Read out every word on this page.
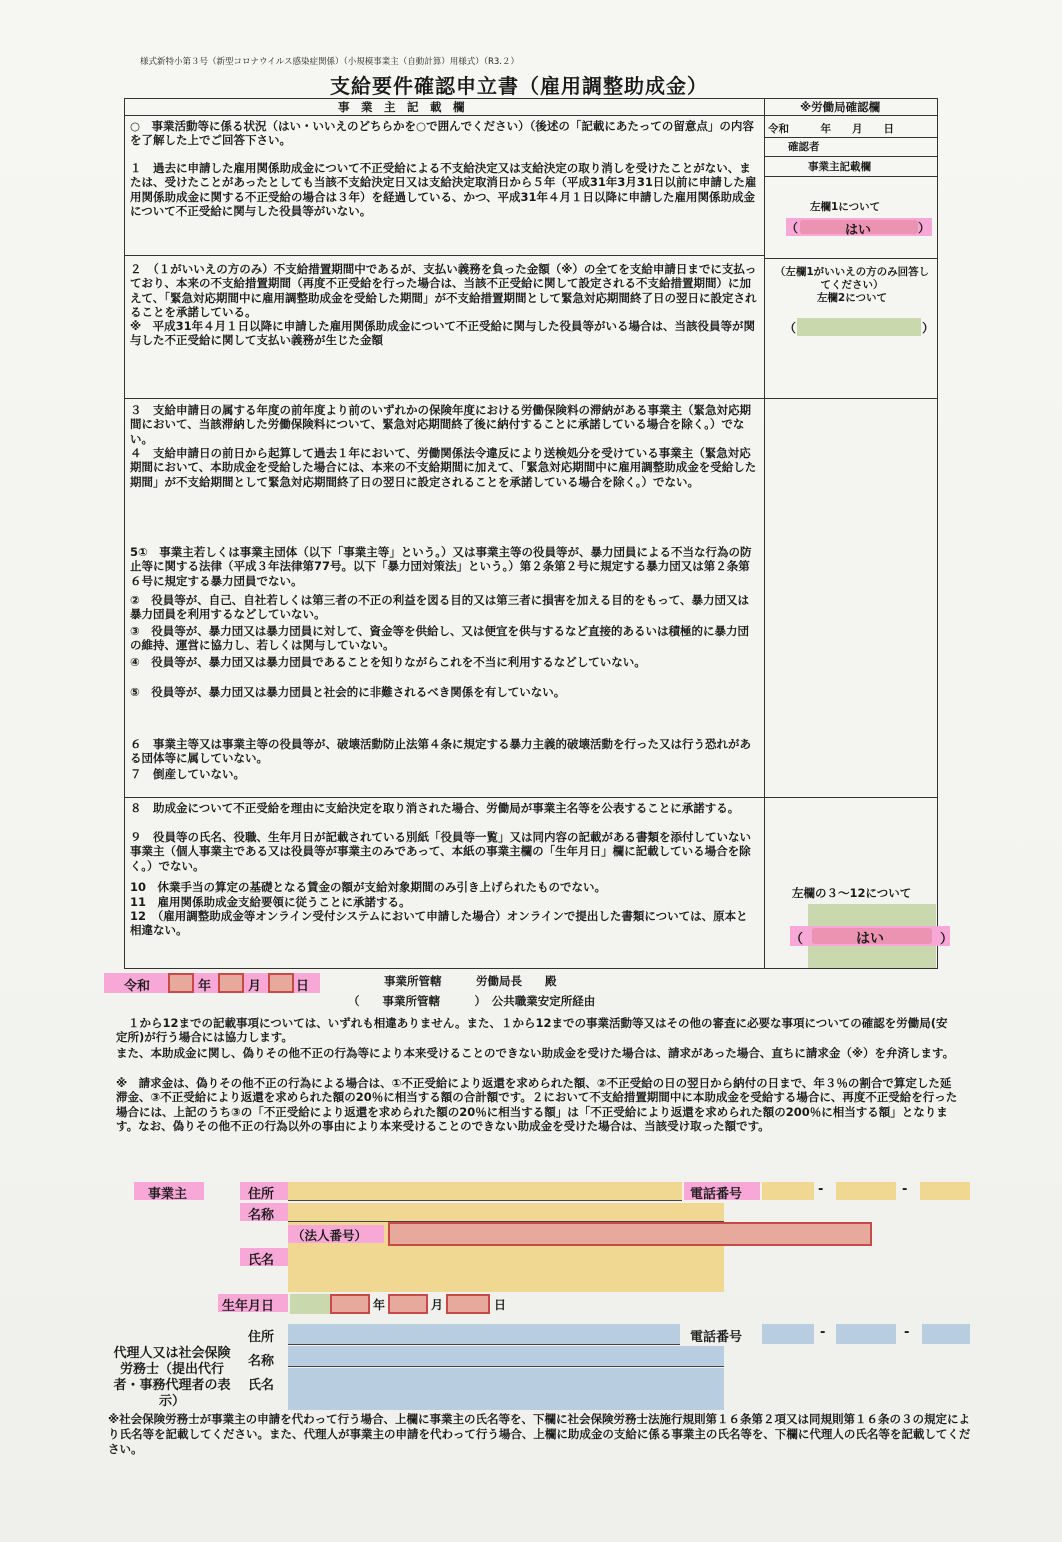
様式新特小第３号（新型コロナウイルス感染症関係）（小規模事業主（自動計算）用様式）（R3.２）
支給要件確認申立書（雇用調整助成金）
事　業　主　記　載　欄	※労働局確認欄
令和　　　年　　月　　日
確認者
事業主記載欄
○　事業活動等に係る状況（はい・いいえのどちらかを○で囲んでください）（後述の「記載にあたっての留意点」の内容を了解した上でご回答下さい。
１　過去に申請した雇用関係助成金について不正受給による不支給決定又は支給決定の取り消しを受けたことがない、または、受けたことがあったとしても当該不支給決定日又は支給決定取消日から５年（平成31年3月31日以前に申請した雇用関係助成金に関する不正受給の場合は３年）を経過している、かつ、平成31年４月１日以降に申請した雇用関係助成金について不正受給に関与した役員等がいない。	左欄1について
（	はい	）
２　（１がいいえの方のみ）不支給措置期間中であるが、支払い義務を負った金額（※）の全てを支給申請日までに支払っており、本来の不支給措置期間（再度不正受給を行った場合は、当該不正受給に関して設定される不支給措置期間）に加えて、「緊急対応期間中に雇用調整助成金を受給した期間」が不支給措置期間として緊急対応期間終了日の翌日に設定されることを承諾している。
※　平成31年４月１日以降に申請した雇用関係助成金について不正受給に関与した役員等がいる場合は、当該役員等が関与した不正受給に関して支払い義務が生じた金額
（左欄1がいいえの方のみ回答してください）
左欄2について
（	）
３　支給申請日の属する年度の前年度より前のいずれかの保険年度における労働保険料の滞納がある事業主（緊急対応期間において、当該滞納した労働保険料について、緊急対応期間終了後に納付することに承諾している場合を除く。）でない。
４　支給申請日の前日から起算して過去１年において、労働関係法令違反により送検処分を受けている事業主（緊急対応期間において、本助成金を受給した場合には、本来の不支給期間に加えて、「緊急対応期間中に雇用調整助成金を受給した期間」が不支給期間として緊急対応期間終了日の翌日に設定されることを承諾している場合を除く。）でない。
5①　事業主若しくは事業主団体（以下「事業主等」という。）又は事業主等の役員等が、暴力団員による不当な行為の防止等に関する法律（平成３年法律第77号。以下「暴力団対策法」という。）第２条第２号に規定する暴力団又は第２条第６号に規定する暴力団員でない。
②　役員等が、自己、自社若しくは第三者の不正の利益を図る目的又は第三者に損害を加える目的をもって、暴力団又は暴力団員を利用するなどしていない。
③　役員等が、暴力団又は暴力団員に対して、資金等を供給し、又は便宜を供与するなど直接的あるいは積極的に暴力団の維持、運営に協力し、若しくは関与していない。
④　役員等が、暴力団又は暴力団員であることを知りながらこれを不当に利用するなどしていない。
⑤　役員等が、暴力団又は暴力団員と社会的に非難されるべき関係を有していない。
６　事業主等又は事業主等の役員等が、破壊活動防止法第４条に規定する暴力主義的破壊活動を行った又は行う恐れがある団体等に属していない。
７　倒産していない。
８　助成金について不正受給を理由に支給決定を取り消された場合、労働局が事業主名等を公表することに承諾する。
９　役員等の氏名、役職、生年月日が記載されている別紙「役員等一覧」又は同内容の記載がある書類を添付していない事業主（個人事業主である又は役員等が事業主のみであって、本紙の事業主欄の「生年月日」欄に記載している場合を除く。）でない。
10　休業手当の算定の基礎となる賃金の額が支給対象期間のみ引き上げられたものでない。
11　雇用関係助成金支給要領に従うことに承諾する。
12　（雇用調整助成金等オンライン受付システムにおいて申請した場合）オンラインで提出した書類については、原本と相違ない。
左欄の３～12について
（	はい	）
令和	年	月	日	事業所管轄　　　労働局長　　殿
（　　事業所管轄　　　）　公共職業安定所経由
１から12までの記載事項については、いずれも相違ありません。また、１から12までの事業活動等又はその他の審査に必要な事項についての確認を労働局(安定所)が行う場合には協力します。
また、本助成金に関し、偽りその他不正の行為等により本来受けることのできない助成金を受けた場合は、請求があった場合、直ちに請求金（※）を弁済します。
※　請求金は、偽りその他不正の行為による場合は、①不正受給により返還を求められた額、②不正受給の日の翌日から納付の日まで、年３％の割合で算定した延滞金、③不正受給により返還を求められた額の20％に相当する額の合計額です。２において不支給措置期間中に本助成金を受給する場合に、再度不正受給を行った場合には、上記のうち③の「不正受給により返還を求められた額の20％に相当する額」は「不正受給により返還を求められた額の200％に相当する額」となります。なお、偽りその他不正の行為以外の事由により本来受けることのできない助成金を受けた場合は、当該受け取った額です。
事業主	住所	電話番号	-	-
名称
（法人番号）
氏名
生年月日	年	月	日
代理人又は社会保険労務士（提出代行者・事務代理者の表示）
住所	電話番号	-	-
名称
氏名
※社会保険労務士が事業主の申請を代わって行う場合、上欄に事業主の氏名等を、下欄に社会保険労務士法施行規則第１６条第２項又は同規則第１６条の３の規定により氏名等を記載してください。また、代理人が事業主の申請を代わって行う場合、上欄に助成金の支給に係る事業主の氏名等を、下欄に代理人の氏名等を記載してください。
